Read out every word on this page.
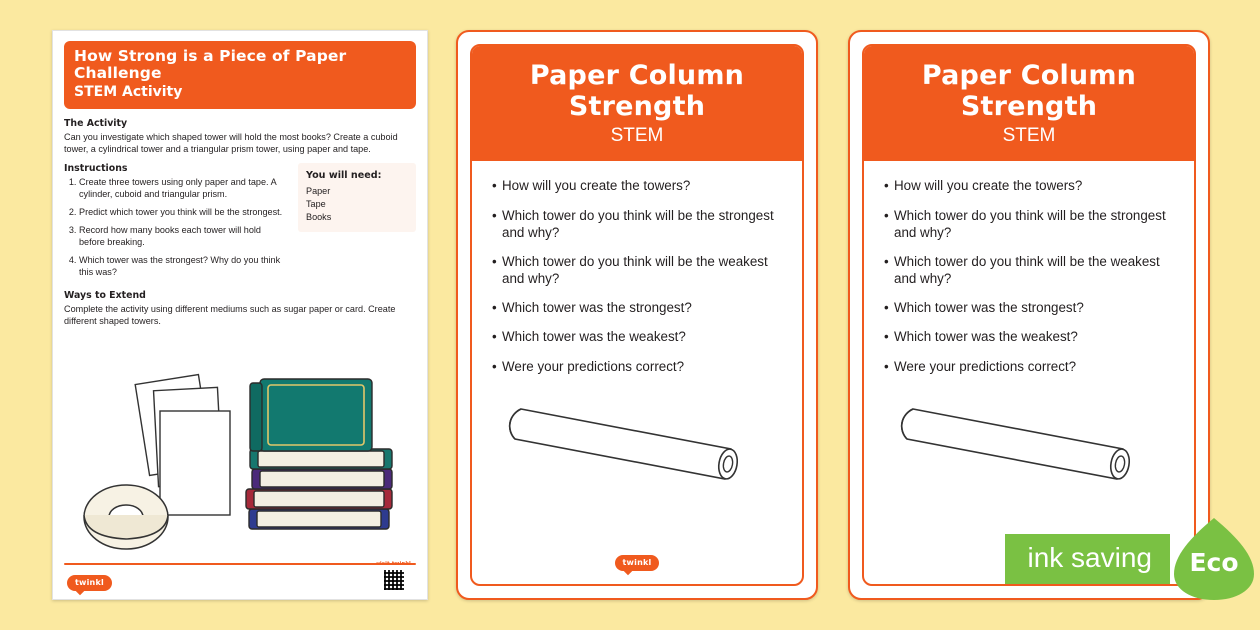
How Strong is a Piece of Paper Challenge
STEM Activity
The Activity

Can you investigate which shaped tower will hold the most books? Create a cuboid tower, a cylindrical tower and a triangular prism tower, using paper and tape.

Instructions
1. Create three towers using only paper and tape. A cylinder, cuboid and triangular prism.
2. Predict which tower you think will be the strongest.
3. Record how many books each tower will hold before breaking.
4. Which tower was the strongest? Why do you think this was?
You will need:
Paper
Tape
Books
Ways to Extend

Complete the activity using different mediums such as sugar paper or card. Create different shaped towers.

twinkl
visit twinkl
Paper Column
Strength
STEM
• How will you create the towers?
• Which tower do you think will be the strongest and why?
• Which tower do you think will be the weakest and why?
• Which tower was the strongest?
• Which tower was the weakest?
• Were your predictions correct?
twinkl
Paper Column
Strength
STEM
• How will you create the towers?
• Which tower do you think will be the strongest and why?
• Which tower do you think will be the weakest and why?
• Which tower was the strongest?
• Which tower was the weakest?
• Were your predictions correct?
ink saving	Eco
